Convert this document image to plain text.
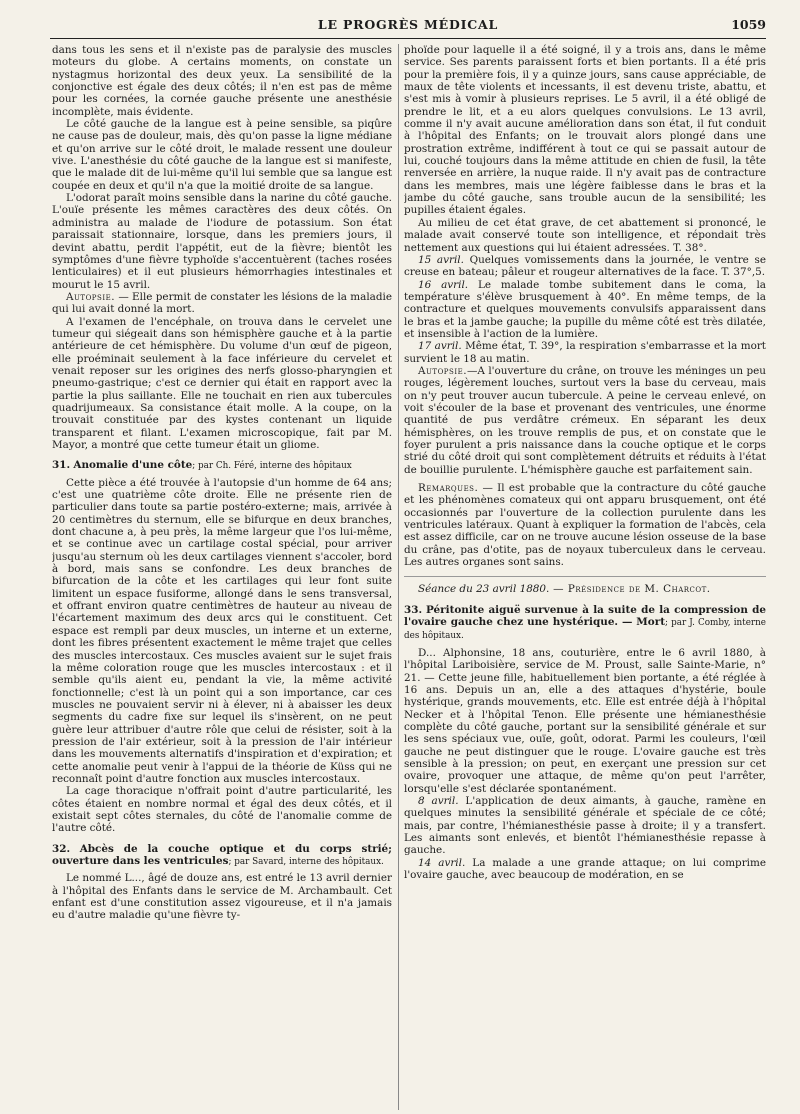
LE PROGRÈS MÉDICAL	1059

dans tous les sens et il n'existe pas de paralysie des muscles moteurs du globe. A certains moments, on constate un nystagmus horizontal des deux yeux. La sensibilité de la conjonctive est égale des deux côtés; il n'en est pas de même pour les cornées, la cornée gauche présente une anesthésie incomplète, mais évidente.

Le côté gauche de la langue est à peine sensible, sa piqûre ne cause pas de douleur, mais, dès qu'on passe la ligne médiane et qu'on arrive sur le côté droit, le malade ressent une douleur vive. L'anesthésie du côté gauche de la langue est si manifeste, que le malade dit de lui-même qu'il lui semble que sa langue est coupée en deux et qu'il n'a que la moitié droite de sa langue.

L'odorat paraît moins sensible dans la narine du côté gauche. L'ouïe présente les mêmes caractères des deux côtés. On administra au malade de l'iodure de potassium. Son état paraissait stationnaire, lorsque, dans les premiers jours, il devint abattu, perdit l'appétit, eut de la fièvre; bientôt les symptômes d'une fièvre typhoïde s'accentuèrent (taches rosées lenticulaires) et il eut plusieurs hémorrhagies intestinales et mourut le 15 avril.

Autopsie. — Elle permit de constater les lésions de la maladie qui lui avait donné la mort.

A l'examen de l'encéphale, on trouva dans le cervelet une tumeur qui siégeait dans son hémisphère gauche et à la partie antérieure de cet hémisphère. Du volume d'un œuf de pigeon, elle proéminait seulement à la face inférieure du cervelet et venait reposer sur les origines des nerfs glosso-pharyngien et pneumo-gastrique; c'est ce dernier qui était en rapport avec la partie la plus saillante. Elle ne touchait en rien aux tubercules quadrijumeaux. Sa consistance était molle. A la coupe, on la trouvait constituée par des kystes contenant un liquide transparent et filant. L'examen microscopique, fait par M. Mayor, a montré que cette tumeur était un gliome.

31. Anomalie d'une côte; par Ch. Féré, interne des hôpitaux

Cette pièce a été trouvée à l'autopsie d'un homme de 64 ans; c'est une quatrième côte droite. Elle ne présente rien de particulier dans toute sa partie postéro-externe; mais, arrivée à 20 centimètres du sternum, elle se bifurque en deux branches, dont chacune a, à peu près, la même largeur que l'os lui-même, et se continue avec un cartilage costal spécial, pour arriver jusqu'au sternum où les deux cartilages viennent s'accoler, bord à bord, mais sans se confondre. Les deux branches de bifurcation de la côte et les cartilages qui leur font suite limitent un espace fusiforme, allongé dans le sens transversal, et offrant environ quatre centimètres de hauteur au niveau de l'écartement maximum des deux arcs qui le constituent. Cet espace est rempli par deux muscles, un interne et un externe, dont les fibres présentent exactement le même trajet que celles des muscles intercostaux. Ces muscles avaient sur le sujet frais la même coloration rouge que les muscles intercostaux : et il semble qu'ils aient eu, pendant la vie, la même activité fonctionnelle; c'est là un point qui a son importance, car ces muscles ne pouvaient servir ni à élever, ni à abaisser les deux segments du cadre fixe sur lequel ils s'insèrent, on ne peut guère leur attribuer d'autre rôle que celui de résister, soit à la pression de l'air extérieur, soit à la pression de l'air intérieur dans les mouvements alternatifs d'inspiration et d'expiration; et cette anomalie peut venir à l'appui de la théorie de Küss qui ne reconnaît point d'autre fonction aux muscles intercostaux.

La cage thoracique n'offrait point d'autre particularité, les côtes étaient en nombre normal et égal des deux côtés, et il existait sept côtes sternales, du côté de l'anomalie comme de l'autre côté.

32. Abcès de la couche optique et du corps strié; ouverture dans les ventricules; par Savard, interne des hôpitaux.

Le nommé L..., âgé de douze ans, est entré le 13 avril dernier à l'hôpital des Enfants dans le service de M. Archambault. Cet enfant est d'une constitution assez vigoureuse, et il n'a jamais eu d'autre maladie qu'une fièvre ty-

phoïde pour laquelle il a été soigné, il y a trois ans, dans le même service. Ses parents paraissent forts et bien portants. Il a été pris pour la première fois, il y a quinze jours, sans cause appréciable, de maux de tête violents et incessants, il est devenu triste, abattu, et s'est mis à vomir à plusieurs reprises. Le 5 avril, il a été obligé de prendre le lit, et a eu alors quelques convulsions. Le 13 avril, comme il n'y avait aucune amélioration dans son état, il fut conduit à l'hôpital des Enfants; on le trouvait alors plongé dans une prostration extrême, indifférent à tout ce qui se passait autour de lui, couché toujours dans la même attitude en chien de fusil, la tête renversée en arrière, la nuque raide. Il n'y avait pas de contracture dans les membres, mais une légère faiblesse dans le bras et la jambe du côté gauche, sans trouble aucun de la sensibilité; les pupilles étaient égales.

Au milieu de cet état grave, de cet abattement si prononcé, le malade avait conservé toute son intelligence, et répondait très nettement aux questions qui lui étaient adressées. T. 38°.

15 avril. Quelques vomissements dans la journée, le ventre se creuse en bateau; pâleur et rougeur alternatives de la face. T. 37°,5.

16 avril. Le malade tombe subitement dans le coma, la température s'élève brusquement à 40°. En même temps, de la contracture et quelques mouvements convulsifs apparaissent dans le bras et la jambe gauche; la pupille du même côté est très dilatée, et insensible à l'action de la lumière.

17 avril. Même état, T. 39°, la respiration s'embarrasse et la mort survient le 18 au matin.

Autopsie.—A l'ouverture du crâne, on trouve les méninges un peu rouges, légèrement louches, surtout vers la base du cerveau, mais on n'y peut trouver aucun tubercule. A peine le cerveau enlevé, on voit s'écouler de la base et provenant des ventricules, une énorme quantité de pus verdâtre crémeux. En séparant les deux hémisphères, on les trouve remplis de pus, et on constate que le foyer purulent a pris naissance dans la couche optique et le corps strié du côté droit qui sont complètement détruits et réduits à l'état de bouillie purulente. L'hémisphère gauche est parfaitement sain.

Remarques. — Il est probable que la contracture du côté gauche et les phénomènes comateux qui ont apparu brusquement, ont été occasionnés par l'ouverture de la collection purulente dans les ventricules latéraux. Quant à expliquer la formation de l'abcès, cela est assez difficile, car on ne trouve aucune lésion osseuse de la base du crâne, pas d'otite, pas de noyaux tuberculeux dans le cerveau. Les autres organes sont sains.

Séance du 23 avril 1880. — Présidence de M. Charcot.

33. Péritonite aiguë survenue à la suite de la compression de l'ovaire gauche chez une hystérique. — Mort; par J. Comby, interne des hôpitaux.

D... Alphonsine, 18 ans, couturière, entre le 6 avril 1880, à l'hôpital Lariboisière, service de M. Proust, salle Sainte-Marie, n° 21. — Cette jeune fille, habituellement bien portante, a été réglée à 16 ans. Depuis un an, elle a des attaques d'hystérie, boule hystérique, grands mouvements, etc. Elle est entrée déjà à l'hôpital Necker et à l'hôpital Tenon. Elle présente une hémianesthésie complète du côté gauche, portant sur la sensibilité générale et sur les sens spéciaux vue, ouïe, goût, odorat. Parmi les couleurs, l'œil gauche ne peut distinguer que le rouge. L'ovaire gauche est très sensible à la pression; on peut, en exerçant une pression sur cet ovaire, provoquer une attaque, de même qu'on peut l'arrêter, lorsqu'elle s'est déclarée spontanément.

8 avril. L'application de deux aimants, à gauche, ramène en quelques minutes la sensibilité générale et spéciale de ce côté; mais, par contre, l'hémianesthésie passe à droite; il y a transfert. Les aimants sont enlevés, et bientôt l'hémianesthésie repasse à gauche.

14 avril. La malade a une grande attaque; on lui comprime l'ovaire gauche, avec beaucoup de modération, en se
